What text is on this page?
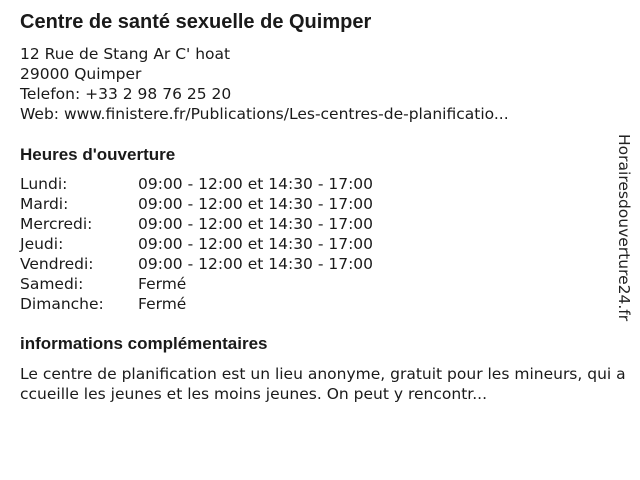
Centre de santé sexuelle de Quimper
12 Rue de Stang Ar C' hoat
29000 Quimper
Telefon: +33 2 98 76 25 20
Web: www.finistere.fr/Publications/Les-centres-de-planificatio...
Heures d'ouverture
Lundi:	09:00 - 12:00 et 14:30 - 17:00
Mardi:	09:00 - 12:00 et 14:30 - 17:00
Mercredi:	09:00 - 12:00 et 14:30 - 17:00
Jeudi:	09:00 - 12:00 et 14:30 - 17:00
Vendredi:	09:00 - 12:00 et 14:30 - 17:00
Samedi:	Fermé
Dimanche: Fermé
informations complémentaires
Le centre de planification est un lieu anonyme, gratuit pour les mineurs, qui accueille les jeunes et les moins jeunes. On peut y rencontr...
Horairesdouverture24.fr
